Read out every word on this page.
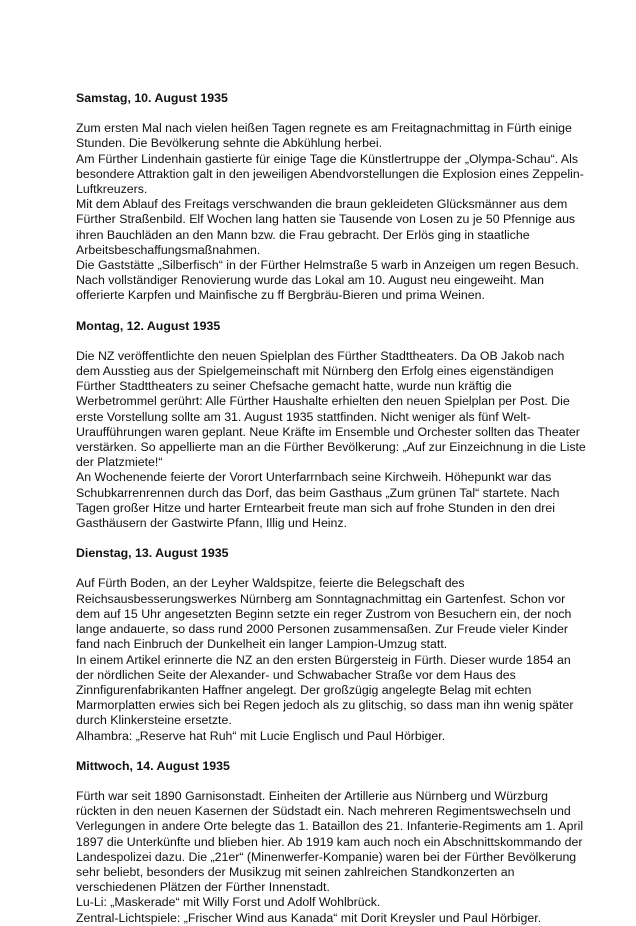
Samstag, 10. August 1935

Zum ersten Mal nach vielen heißen Tagen regnete es am Freitagnachmittag in Fürth einige Stunden. Die Bevölkerung sehnte die Abkühlung herbei.

Am Fürther Lindenhain gastierte für einige Tage die Künstlertruppe der „Olympa-Schau“. Als besondere Attraktion galt in den jeweiligen Abendvorstellungen die Explosion eines Zeppelin-Luftkreuzers.

Mit dem Ablauf des Freitags verschwanden die braun gekleideten Glücksmänner aus dem Fürther Straßenbild. Elf Wochen lang hatten sie Tausende von Losen zu je 50 Pfennige aus ihren Bauchläden an den Mann bzw. die Frau gebracht. Der Erlös ging in staatliche Arbeitsbeschaffungsmaßnahmen.

Die Gaststätte „Silberfisch“ in der Fürther Helmstraße 5 warb in Anzeigen um regen Besuch. Nach vollständiger Renovierung wurde das Lokal am 10. August neu eingeweiht. Man offerierte Karpfen und Mainfische zu ff Bergbräu-Bieren und prima Weinen.

Montag, 12. August 1935

Die NZ veröffentlichte den neuen Spielplan des Fürther Stadttheaters. Da OB Jakob nach dem Ausstieg aus der Spielgemeinschaft mit Nürnberg den Erfolg eines eigenständigen Fürther Stadttheaters zu seiner Chefsache gemacht hatte, wurde nun kräftig die Werbetrommel gerührt: Alle Fürther Haushalte erhielten den neuen Spielplan per Post. Die erste Vorstellung sollte am 31. August 1935 stattfinden. Nicht weniger als fünf Welt-Uraufführungen waren geplant. Neue Kräfte im Ensemble und Orchester sollten das Theater verstärken. So appellierte man an die Fürther Bevölkerung: „Auf zur Einzeichnung in die Liste der Platzmiete!“

An Wochenende feierte der Vorort Unterfarrnbach seine Kirchweih. Höhepunkt war das Schubkarrenrennen durch das Dorf, das beim Gasthaus „Zum grünen Tal“ startete. Nach Tagen großer Hitze und harter Erntearbeit freute man sich auf frohe Stunden in den drei Gasthäusern der Gastwirte Pfann, Illig und Heinz.

Dienstag, 13. August 1935

Auf Fürth Boden, an der Leyher Waldspitze, feierte die Belegschaft des Reichsausbesserungswerkes Nürnberg am Sonntagnachmittag ein Gartenfest. Schon vor dem auf 15 Uhr angesetzten Beginn setzte ein reger Zustrom von Besuchern ein, der noch lange andauerte, so dass rund 2000 Personen zusammensaßen. Zur Freude vieler Kinder fand nach Einbruch der Dunkelheit ein langer Lampion-Umzug statt.

In einem Artikel erinnerte die NZ an den ersten Bürgersteig in Fürth. Dieser wurde 1854 an der nördlichen Seite der Alexander- und Schwabacher Straße vor dem Haus des Zinnfigurenfabrikanten Haffner angelegt. Der großzügig angelegte Belag mit echten Marmorplatten erwies sich bei Regen jedoch als zu glitschig, so dass man ihn wenig später durch Klinkersteine ersetzte.

Alhambra: „Reserve hat Ruh“ mit Lucie Englisch und Paul Hörbiger.

Mittwoch, 14. August 1935

Fürth war seit 1890 Garnisonstadt. Einheiten der Artillerie aus Nürnberg und Würzburg rückten in den neuen Kasernen der Südstadt ein. Nach mehreren Regimentswechseln und Verlegungen in andere Orte belegte das 1. Bataillon des 21. Infanterie-Regiments am 1. April 1897 die Unterkünfte und blieben hier. Ab 1919 kam auch noch ein Abschnittskommando der Landespolizei dazu. Die „21er“ (Minenwerfer-Kompanie) waren bei der Fürther Bevölkerung sehr beliebt, besonders der Musikzug mit seinen zahlreichen Standkonzerten an verschiedenen Plätzen der Fürther Innenstadt.

Lu-Li: „Maskerade“ mit Willy Forst und Adolf Wohlbrück.

Zentral-Lichtspiele: „Frischer Wind aus Kanada“ mit Dorit Kreysler und Paul Hörbiger.
